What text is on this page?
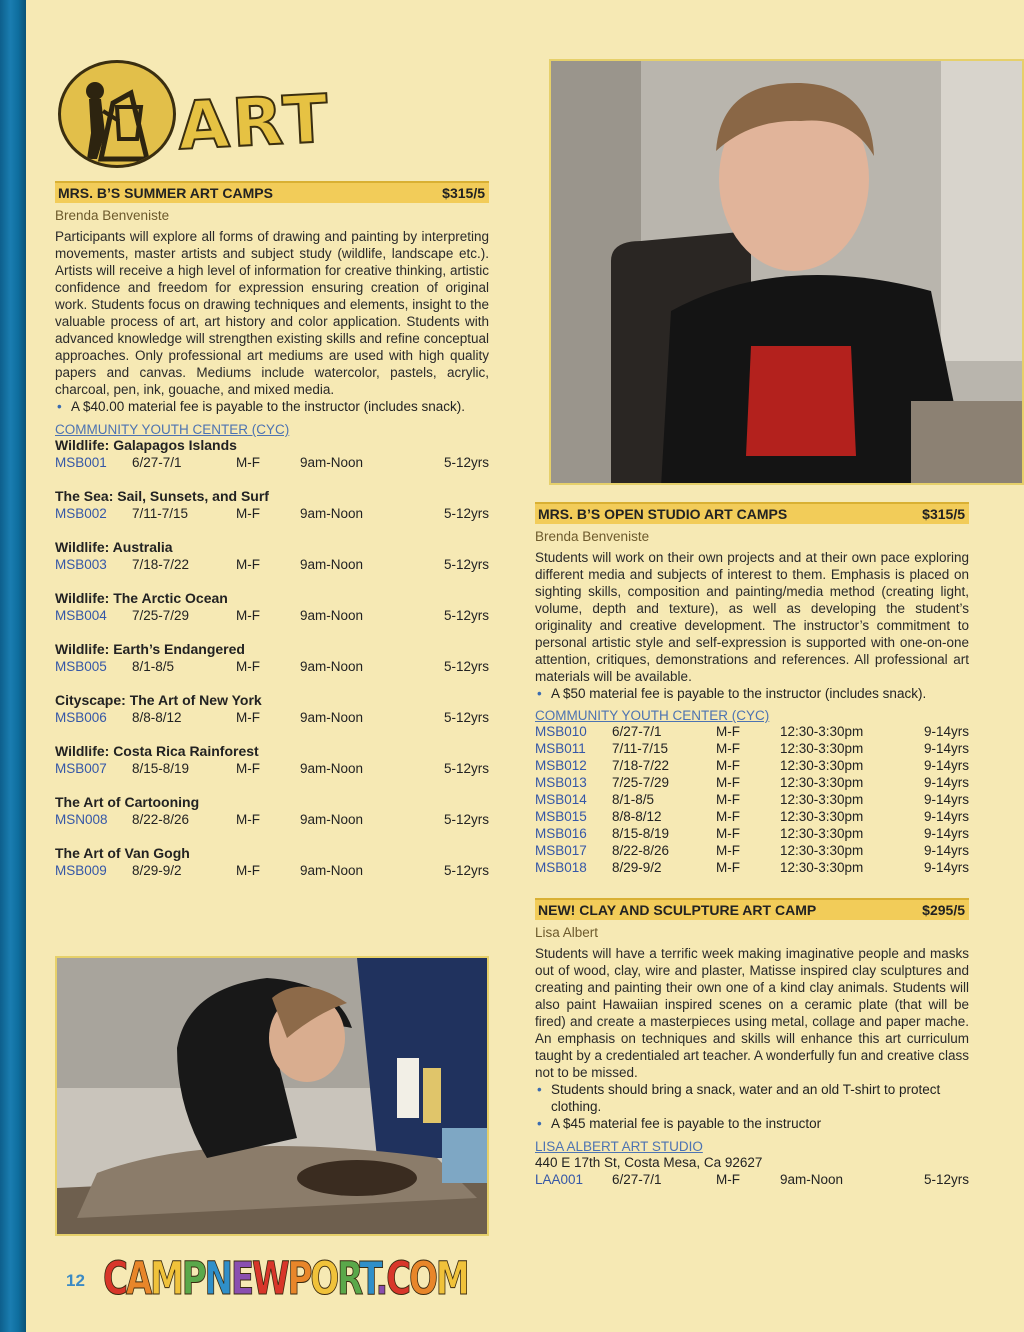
ART
MRS. B’S SUMMER ART CAMPS	$315/5
Brenda Benveniste
Participants will explore all forms of drawing and painting by interpreting movements, master artists and subject study (wildlife, landscape etc.). Artists will receive a high level of information for creative thinking, artistic confidence and freedom for expression ensuring creation of original work. Students focus on drawing techniques and elements, insight to the valuable process of art, art history and color application. Students with advanced knowledge will strengthen existing skills and refine conceptual approaches. Only professional art mediums are used with high quality papers and canvas. Mediums include watercolor, pastels, acrylic, charcoal, pen, ink, gouache, and mixed media.
• A $40.00 material fee is payable to the instructor (includes snack).
COMMUNITY YOUTH CENTER (CYC)
Wildlife: Galapagos Islands
MSB001	6/27-7/1	M-F	9am-Noon	5-12yrs
The Sea: Sail, Sunsets, and Surf
MSB002	7/11-7/15	M-F	9am-Noon	5-12yrs
Wildlife: Australia
MSB003	7/18-7/22	M-F	9am-Noon	5-12yrs
Wildlife: The Arctic Ocean
MSB004	7/25-7/29	M-F	9am-Noon	5-12yrs
Wildlife: Earth’s Endangered
MSB005	8/1-8/5	M-F	9am-Noon	5-12yrs
Cityscape: The Art of New York
MSB006	8/8-8/12	M-F	9am-Noon	5-12yrs
Wildlife: Costa Rica Rainforest
MSB007	8/15-8/19	M-F	9am-Noon	5-12yrs
The Art of Cartooning
MSN008	8/22-8/26	M-F	9am-Noon	5-12yrs
The Art of Van Gogh
MSB009	8/29-9/2	M-F	9am-Noon	5-12yrs
MRS. B’S OPEN STUDIO ART CAMPS	$315/5
Brenda Benveniste
Students will work on their own projects and at their own pace exploring different media and subjects of interest to them. Emphasis is placed on sighting skills, composition and painting/media method (creating light, volume, depth and texture), as well as developing the student’s originality and creative development. The instructor’s commitment to personal artistic style and self-expression is supported with one-on-one attention, critiques, demonstrations and references. All professional art materials will be available.
• A $50 material fee is payable to the instructor (includes snack).
COMMUNITY YOUTH CENTER (CYC)
MSB010	6/27-7/1	M-F	12:30-3:30pm	9-14yrs
MSB011	7/11-7/15	M-F	12:30-3:30pm	9-14yrs
MSB012	7/18-7/22	M-F	12:30-3:30pm	9-14yrs
MSB013	7/25-7/29	M-F	12:30-3:30pm	9-14yrs
MSB014	8/1-8/5	M-F	12:30-3:30pm	9-14yrs
MSB015	8/8-8/12	M-F	12:30-3:30pm	9-14yrs
MSB016	8/15-8/19	M-F	12:30-3:30pm	9-14yrs
MSB017	8/22-8/26	M-F	12:30-3:30pm	9-14yrs
MSB018	8/29-9/2	M-F	12:30-3:30pm	9-14yrs
NEW! CLAY AND SCULPTURE ART CAMP	$295/5
Lisa Albert
Students will have a terrific week making imaginative people and masks out of wood, clay, wire and plaster, Matisse inspired clay sculptures and creating and painting their own one of a kind clay animals. Students will also paint Hawaiian inspired scenes on a ceramic plate (that will be fired) and create a masterpieces using metal, collage and paper mache. An emphasis on techniques and skills will enhance this art curriculum taught by a credentialed art teacher. A wonderfully fun and creative class not to be missed.
• Students should bring a snack, water and an old T-shirt to protect clothing.
• A $45 material fee is payable to the instructor
LISA ALBERT ART STUDIO
440 E 17th St, Costa Mesa, Ca 92627
LAA001	6/27-7/1	M-F	9am-Noon	5-12yrs
12 CAMPNEWPORT.COM
